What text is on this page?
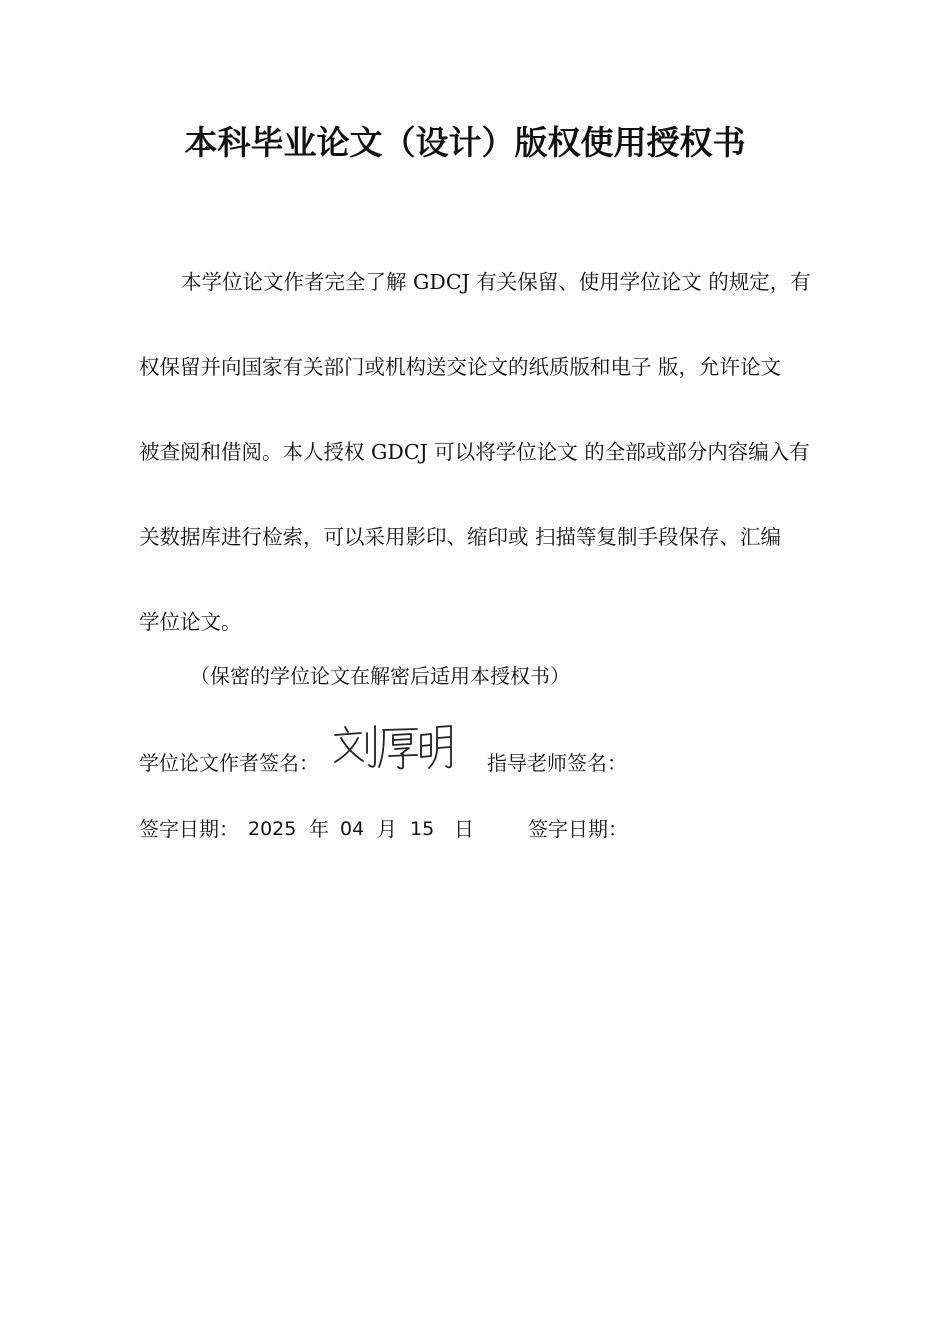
本科毕业论文（设计）版权使用授权书
本学位论文作者完全了解 GDCJ 有关保留、使用学位论文 的规定，有
权保留并向国家有关部门或机构送交论文的纸质版和电子 版，允许论文
被查阅和借阅。本人授权 GDCJ 可以将学位论文 的全部或部分内容编入有
关数据库进行检索，可以采用影印、缩印或 扫描等复制手段保存、汇编
学位论文。
（保密的学位论文在解密后适用本授权书）
学位论文作者签名：	指导老师签名：
签字日期： 2025 年 04 月 15 日	签字日期：
